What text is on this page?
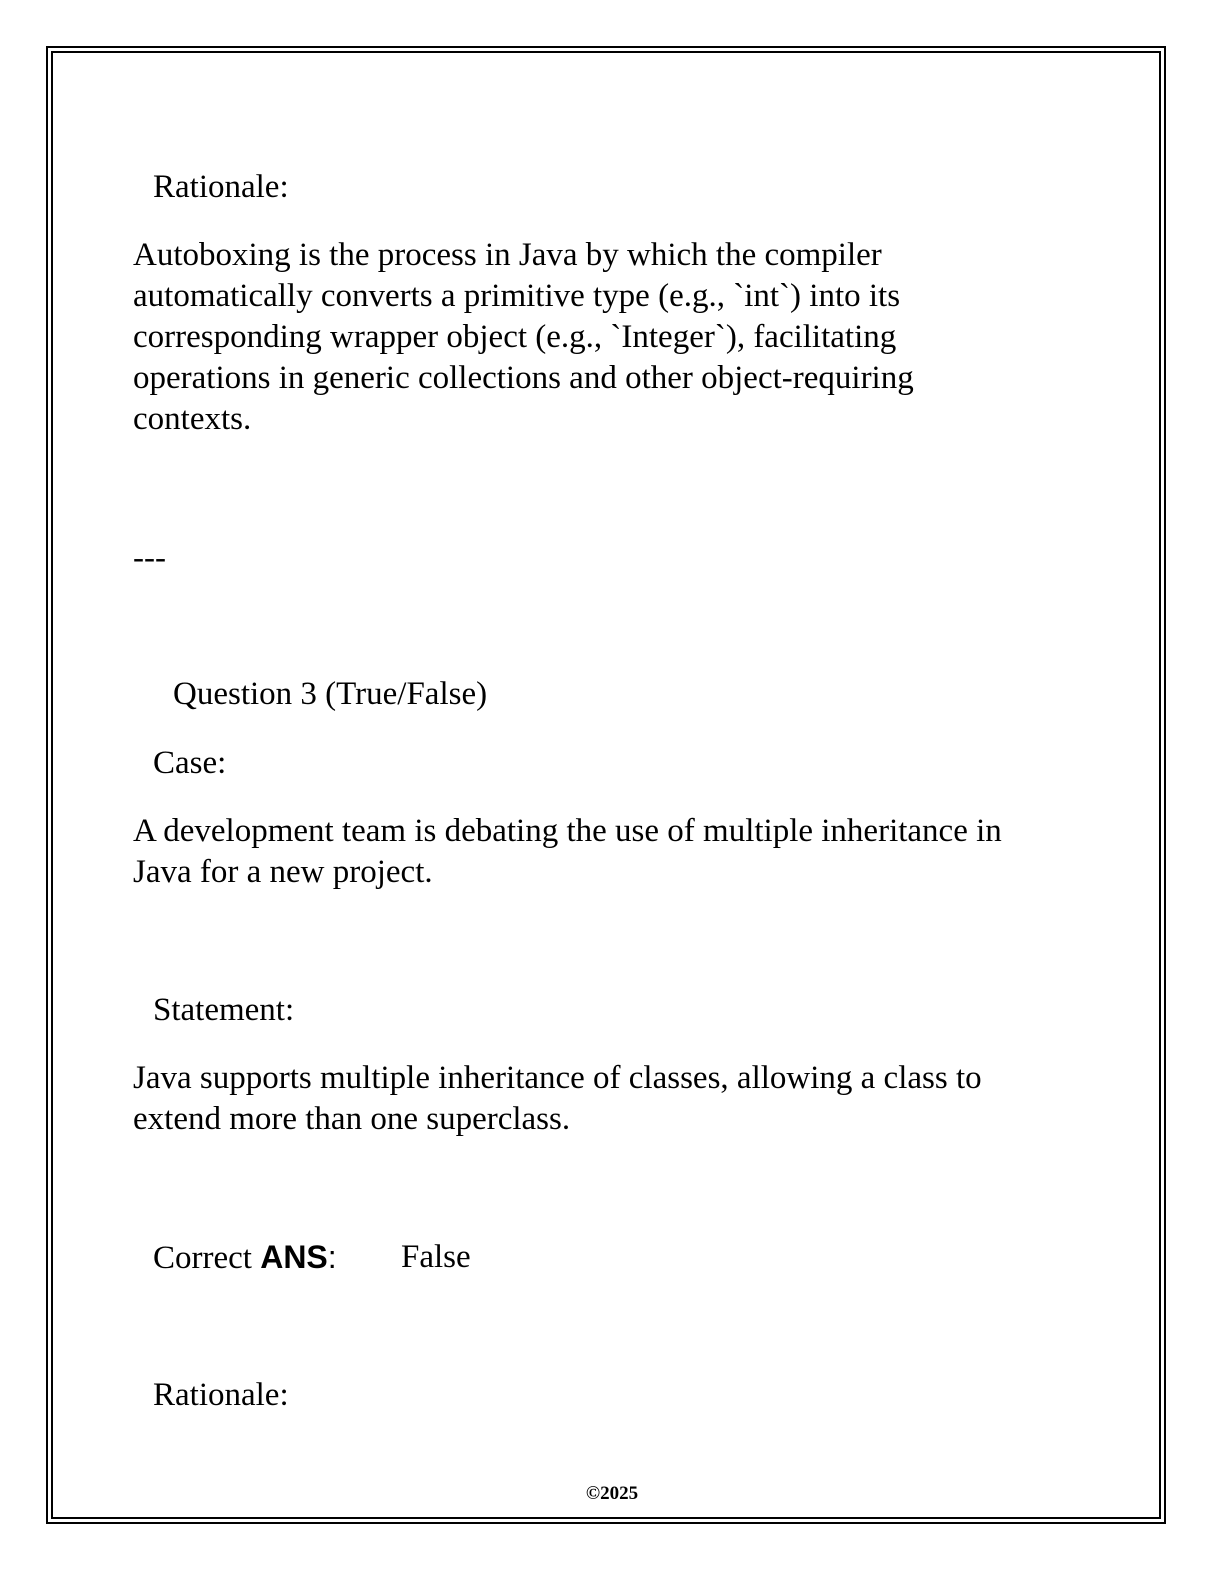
Rationale:

Autoboxing is the process in Java by which the compiler
automatically converts a primitive type (e.g., `int`) into its
corresponding wrapper object (e.g., `Integer`), facilitating
operations in generic collections and other object-requiring
contexts.

---

Question 3 (True/False)

Case:

A development team is debating the use of multiple inheritance in
Java for a new project.

Statement:

Java supports multiple inheritance of classes, allowing a class to
extend more than one superclass.

Correct ANS: False

Rationale:

©2025
